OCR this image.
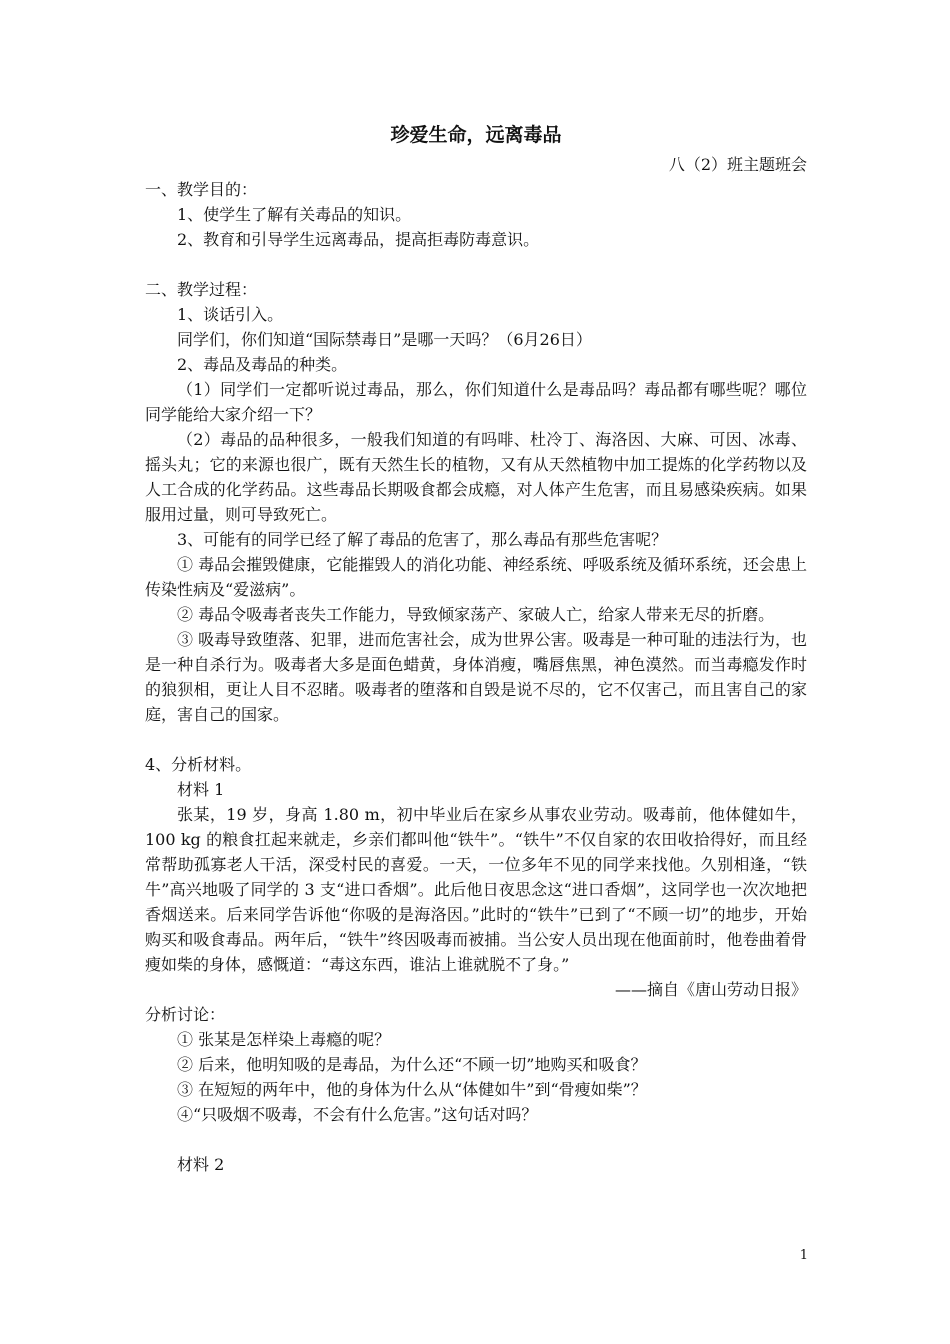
珍爱生命，远离毒品

八（2）班主题班会

一、教学目的：

1、使学生了解有关毒品的知识。

2、教育和引导学生远离毒品，提高拒毒防毒意识。

二、教学过程：

1、谈话引入。

同学们，你们知道“国际禁毒日”是哪一天吗？（6月26日）

2、毒品及毒品的种类。

（1）同学们一定都听说过毒品，那么，你们知道什么是毒品吗？毒品都有哪些呢？哪位同学能给大家介绍一下？

（2）毒品的品种很多，一般我们知道的有吗啡、杜冷丁、海洛因、大麻、可因、冰毒、摇头丸；它的来源也很广，既有天然生长的植物，又有从天然植物中加工提炼的化学药物以及人工合成的化学药品。这些毒品长期吸食都会成瘾，对人体产生危害，而且易感染疾病。如果服用过量，则可导致死亡。

3、可能有的同学已经了解了毒品的危害了，那么毒品有那些危害呢？

① 毒品会摧毁健康，它能摧毁人的消化功能、神经系统、呼吸系统及循环系统，还会患上传染性病及“爱滋病”。

② 毒品令吸毒者丧失工作能力，导致倾家荡产、家破人亡，给家人带来无尽的折磨。

③ 吸毒导致堕落、犯罪，进而危害社会，成为世界公害。吸毒是一种可耻的违法行为，也是一种自杀行为。吸毒者大多是面色蜡黄，身体消瘦，嘴唇焦黑，神色漠然。而当毒瘾发作时的狼狈相，更让人目不忍睹。吸毒者的堕落和自毁是说不尽的，它不仅害己，而且害自己的家庭，害自己的国家。

4、分析材料。

材料 1

张某，19 岁，身高 1.80 m，初中毕业后在家乡从事农业劳动。吸毒前，他体健如牛，100 kg 的粮食扛起来就走，乡亲们都叫他“铁牛”。“铁牛”不仅自家的农田收拾得好，而且经常帮助孤寡老人干活，深受村民的喜爱。一天，一位多年不见的同学来找他。久别相逢，“铁牛”高兴地吸了同学的 3 支“进口香烟”。此后他日夜思念这“进口香烟”，这同学也一次次地把香烟送来。后来同学告诉他“你吸的是海洛因。”此时的“铁牛”已到了“不顾一切”的地步，开始购买和吸食毒品。两年后，“铁牛”终因吸毒而被捕。当公安人员出现在他面前时，他卷曲着骨瘦如柴的身体，感慨道：“毒这东西，谁沾上谁就脱不了身。”

——摘自《唐山劳动日报》

分析讨论：

① 张某是怎样染上毒瘾的呢？

② 后来，他明知吸的是毒品，为什么还“不顾一切”地购买和吸食？

③ 在短短的两年中，他的身体为什么从“体健如牛”到“骨瘦如柴”？

④“只吸烟不吸毒，不会有什么危害。”这句话对吗？

材料 2

1
